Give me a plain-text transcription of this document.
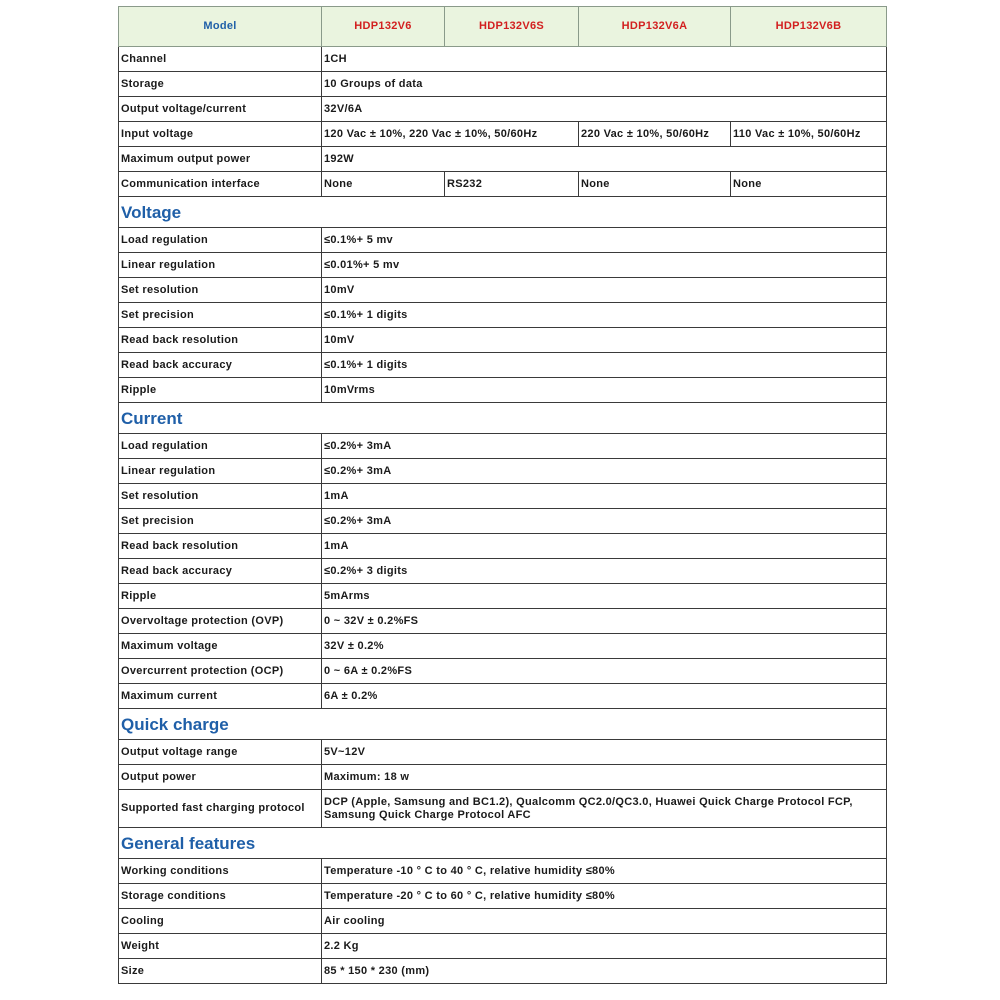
Model	HDP132V6	HDP132V6S	HDP132V6A	HDP132V6B
Channel	1CH			
Storage	10 Groups of data			
Output voltage/current	32V/6A			
Input voltage	120 Vac ± 10%, 220 Vac ± 10%, 50/60Hz		220 Vac ± 10%, 50/60Hz	110 Vac ± 10%, 50/60Hz
Maximum output power	192W			
Communication interface	None	RS232	None	None
Voltage				
Load regulation	≤0.1%+ 5 mv			
Linear regulation	≤0.01%+ 5 mv			
Set resolution	10mV			
Set precision	≤0.1%+ 1 digits			
Read back resolution	10mV			
Read back accuracy	≤0.1%+ 1 digits			
Ripple	10mVrms			
Current				
Load regulation	≤0.2%+ 3mA			
Linear regulation	≤0.2%+ 3mA			
Set resolution	1mA			
Set precision	≤0.2%+ 3mA			
Read back resolution	1mA			
Read back accuracy	≤0.2%+ 3 digits			
Ripple	5mArms			
Overvoltage protection (OVP)	0 ~ 32V ± 0.2%FS			
Maximum voltage	32V ± 0.2%			
Overcurrent protection (OCP)	0 ~ 6A ± 0.2%FS			
Maximum current	6A ± 0.2%			
Quick charge				
Output voltage range	5V~12V			
Output power	Maximum: 18 w			
Supported fast charging protocol	DCP (Apple, Samsung and BC1.2), Qualcomm QC2.0/QC3.0, Huawei Quick Charge Protocol FCP, Samsung Quick Charge Protocol AFC			
General features				
Working conditions	Temperature -10 ° C to 40 ° C, relative humidity ≤80%			
Storage conditions	Temperature -20 ° C to 60 ° C, relative humidity ≤80%			
Cooling	Air cooling			
Weight	2.2 Kg			
Size	85 * 150 * 230 (mm)			
